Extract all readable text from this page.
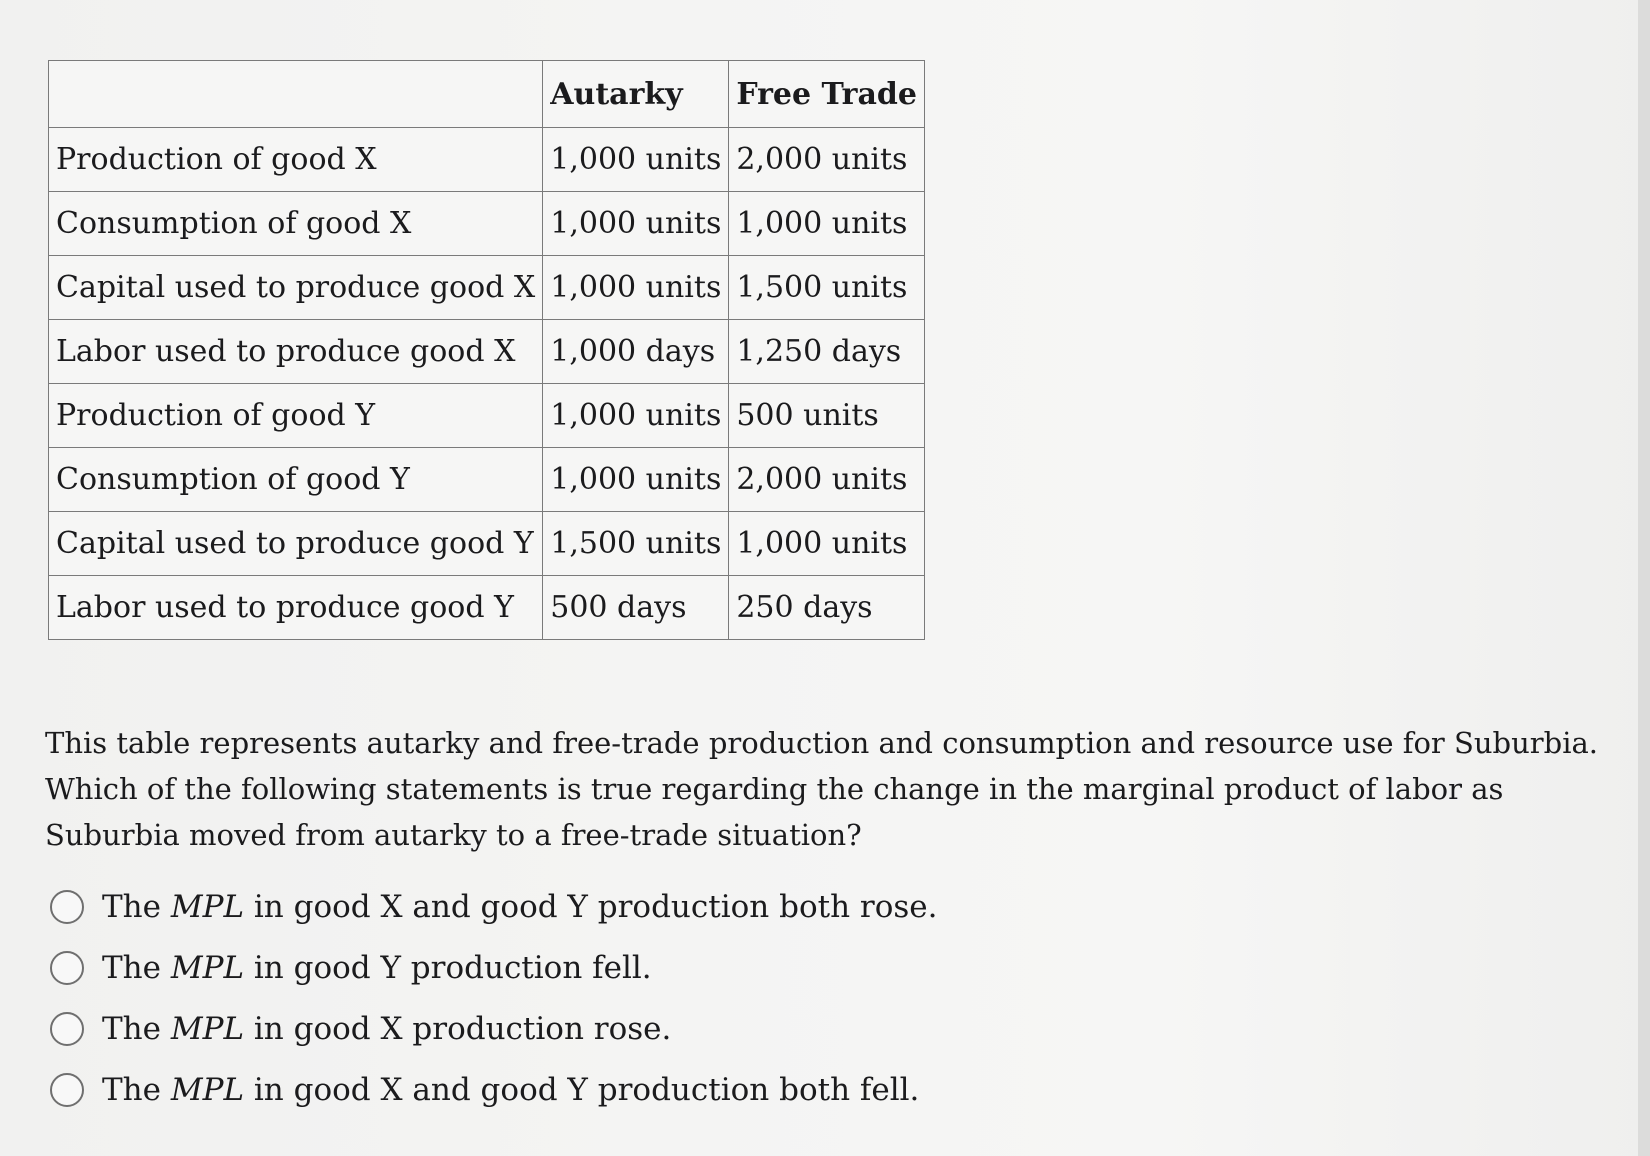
	Autarky	Free Trade
Production of good X	1,000 units	2,000 units
Consumption of good X	1,000 units	1,000 units
Capital used to produce good X	1,000 units	1,500 units
Labor used to produce good X	1,000 days	1,250 days
Production of good Y	1,000 units	500 units
Consumption of good Y	1,000 units	2,000 units
Capital used to produce good Y	1,500 units	1,000 units
Labor used to produce good Y	500 days	250 days
This table represents autarky and free-trade production and consumption and resource use for Suburbia. Which of the following statements is true regarding the change in the marginal product of labor as Suburbia moved from autarky to a free-trade situation?
The MPL in good X and good Y production both rose.
The MPL in good Y production fell.
The MPL in good X production rose.
The MPL in good X and good Y production both fell.
